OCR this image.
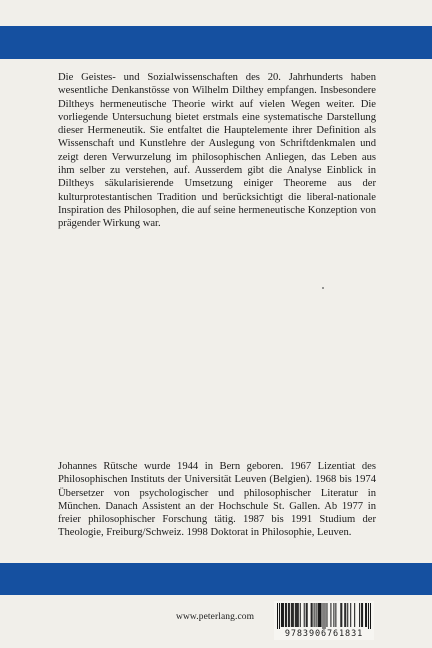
Die Geistes- und Sozialwissenschaften des 20. Jahrhunderts haben wesentliche Denkanstösse von Wilhelm Dilthey empfangen. Insbesondere Diltheys hermeneutische Theorie wirkt auf vielen Wegen weiter. Die vorliegende Untersuchung bietet erstmals eine systematische Darstellung dieser Hermeneutik. Sie entfaltet die Hauptelemente ihrer Definition als Wissenschaft und Kunstlehre der Auslegung von Schriftdenkmalen und zeigt deren Verwurzelung im philosophischen Anliegen, das Leben aus ihm selber zu verstehen, auf. Ausserdem gibt die Analyse Einblick in Diltheys säkularisierende Umsetzung einiger Theoreme aus der kulturprotestantischen Tradition und berücksichtigt die liberal-nationale Inspiration des Philosophen, die auf seine hermeneutische Konzeption von prägender Wirkung war.

Johannes Rütsche wurde 1944 in Bern geboren. 1967 Lizentiat des Philosophischen Instituts der Universität Leuven (Belgien). 1968 bis 1974 Übersetzer von psychologischer und philosophischer Literatur in München. Danach Assistent an der Hochschule St. Gallen. Ab 1977 in freier philosophischer Forschung tätig. 1987 bis 1991 Studium der Theologie, Freiburg/Schweiz. 1998 Doktorat in Philosophie, Leuven.

www.peterlang.com
9783906761831
